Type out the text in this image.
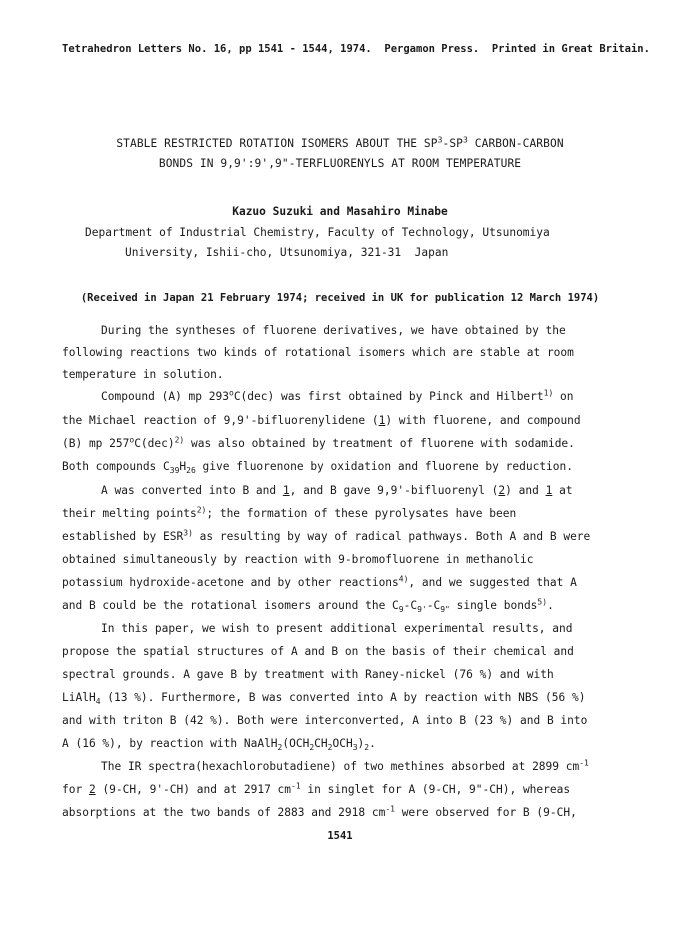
Tetrahedron Letters No. 16, pp 1541 - 1544, 1974.  Pergamon Press.  Printed in Great Britain.
STABLE RESTRICTED ROTATION ISOMERS ABOUT THE $SP^3-SP^3$ CARBON-CARBON
BONDS IN 9,9':9',9"-TERFLUORENYLS AT ROOM TEMPERATURE
Kazuo Suzuki and Masahiro Minabe
Department of Industrial Chemistry, Faculty of Technology, Utsunomiya
University, Ishii-cho, Utsunomiya, 321-31  Japan
(Received in Japan 21 February 1974; received in UK for publication 12 March 1974)
During the syntheses of fluorene derivatives, we have obtained by the
following reactions two kinds of rotational isomers which are stable at room
temperature in solution.
Compound (A) mp 293$^o$C(dec) was first obtained by Pinck and Hilbert$^{1)}$ on
the Michael reaction of 9,9'-bifluorenylidene (1) with fluorene, and compound
(B) mp 257$^o$C(dec)$^{2)}$ was also obtained by treatment of fluorene with sodamide.
Both compounds $C_{39}H_{26}$ give fluorenone by oxidation and fluorene by reduction.
A was converted into B and 1, and B gave 9,9'-bifluorenyl (2) and 1 at
their melting points$^{2)}$; the formation of these pyrolysates have been
established by ESR$^{3)}$ as resulting by way of radical pathways. Both A and B were
obtained simultaneously by reaction with 9-bromofluorene in methanolic
potassium hydroxide-acetone and by other reactions$^{4)}$, and we suggested that A
and B could be the rotational isomers around the $C_9-C_{9'}-C_{9"}$ single bonds$^{5)}$.
In this paper, we wish to present additional experimental results, and
propose the spatial structures of A and B on the basis of their chemical and
spectral grounds. A gave B by treatment with Raney-nickel (76 %) and with
LiAlH$_4$ (13 %). Furthermore, B was converted into A by reaction with NBS (56 %)
and with triton B (42 %). Both were interconverted, A into B (23 %) and B into
A (16 %), by reaction with $NaAlH_2(OCH_2CH_2OCH_3)_2$.
The IR spectra(hexachlorobutadiene) of two methines absorbed at 2899 $cm^{-1}$
for 2 (9-CH, 9'-CH) and at 2917 $cm^{-1}$ in singlet for A (9-CH, 9"-CH), whereas
absorptions at the two bands of 2883 and 2918 $cm^{-1}$ were observed for B (9-CH,
1541
